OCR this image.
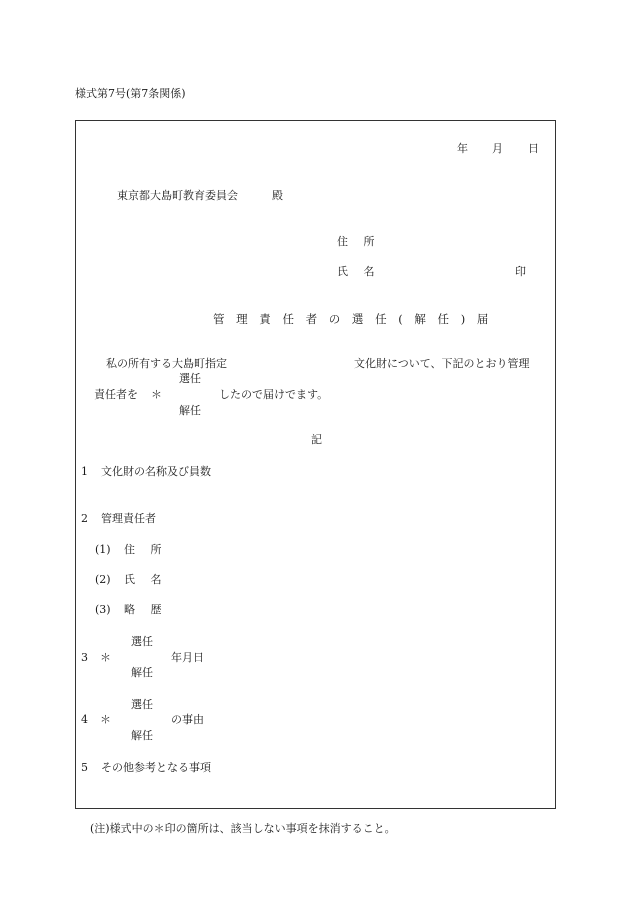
様式第7号(第7条関係)
年 月 日
東京都大島町教育委員会	殿
住 所
氏 名	印
管 理 責 任 者 の 選 任 ( 解 任 ) 届
私の所有する大島町指定	文化財について、下記のとおり管理
選任
責任者を ＊	したので届けでます。
解任
記
1 文化財の名称及び員数
2 管理責任者
(1) 住 所
(2) 氏 名
(3) 略 歴
選任
3 ＊	年月日
解任
選任
4 ＊	の事由
解任
5 その他参考となる事項
(注)様式中の＊印の箇所は、該当しない事項を抹消すること。
